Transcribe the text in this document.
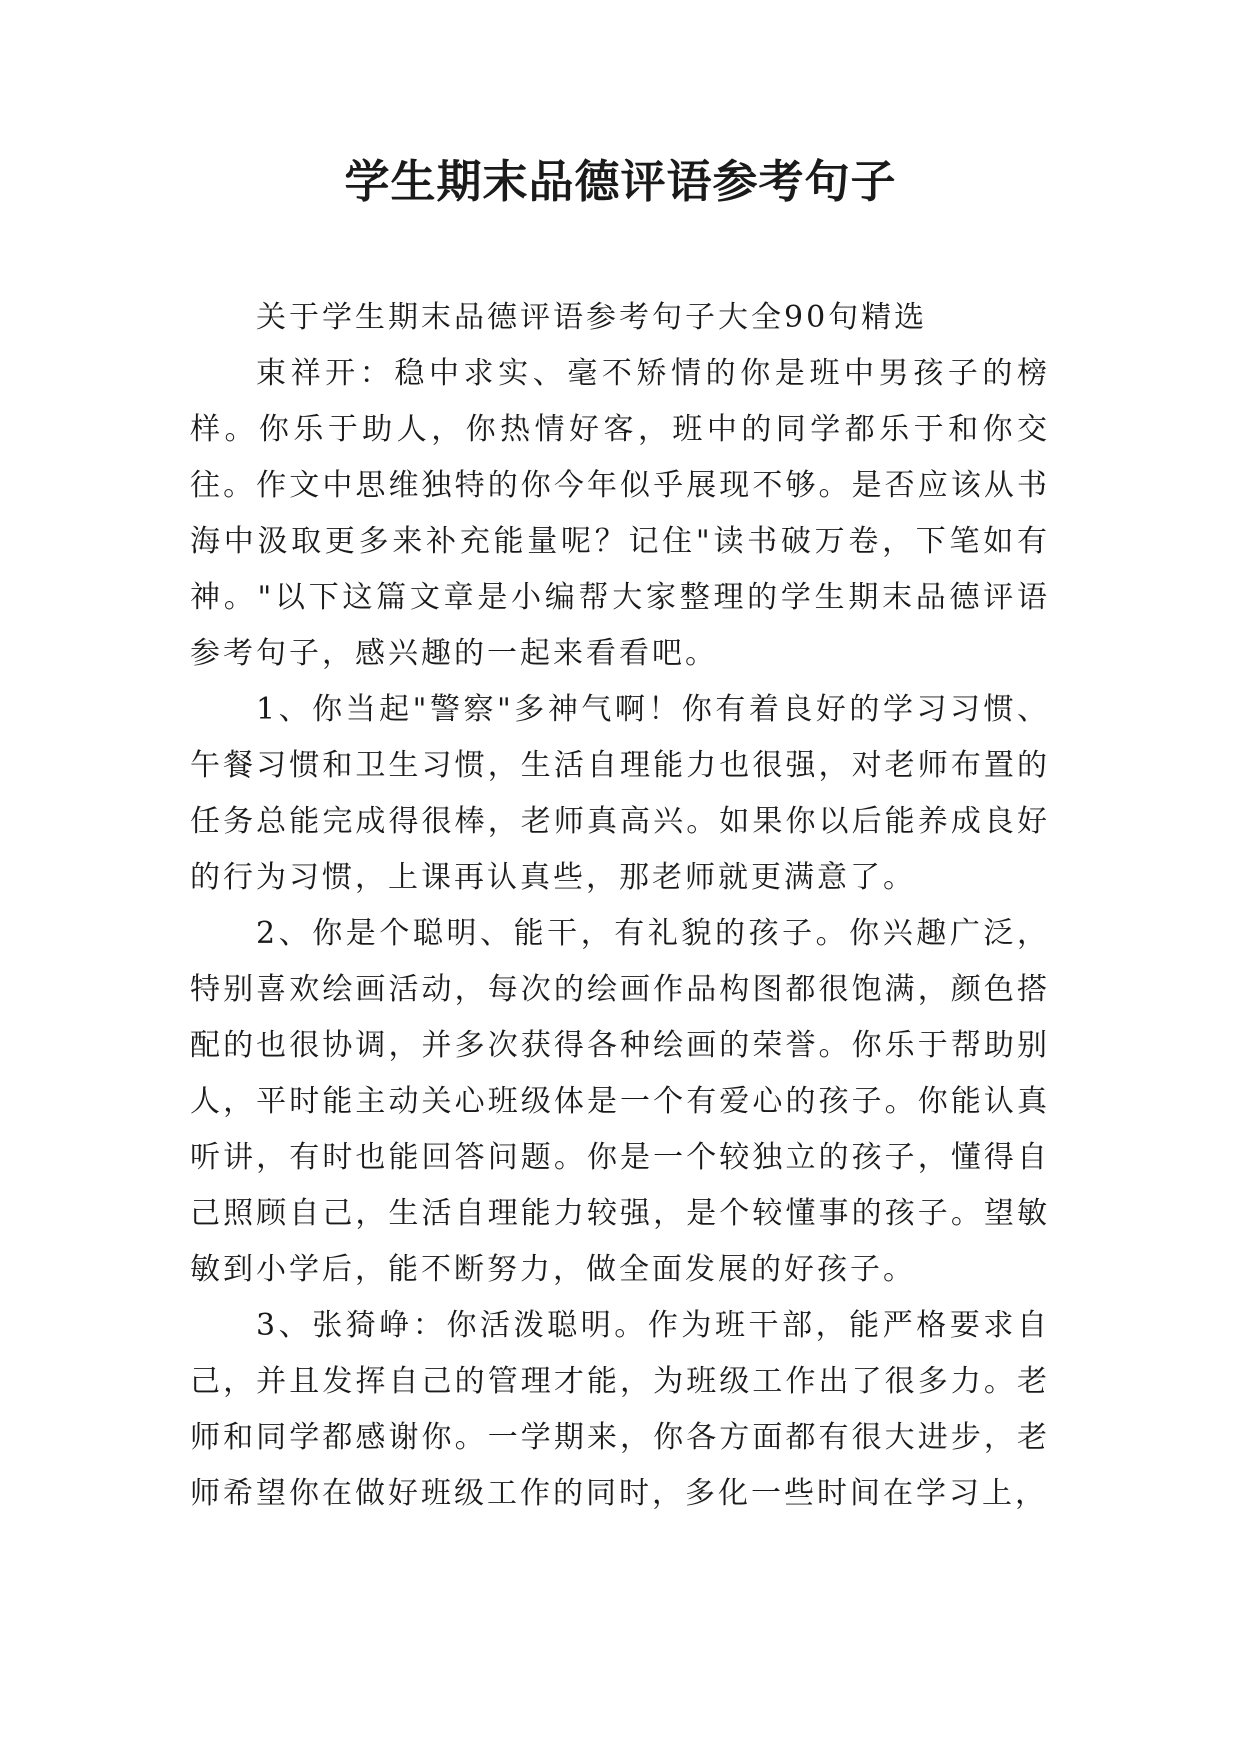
学生期末品德评语参考句子

关于学生期末品德评语参考句子大全90句精选

束祥开：稳中求实、毫不矫情的你是班中男孩子的榜样。你乐于助人，你热情好客，班中的同学都乐于和你交往。作文中思维独特的你今年似乎展现不够。是否应该从书海中汲取更多来补充能量呢？记住"读书破万卷，下笔如有神。"以下这篇文章是小编帮大家整理的学生期末品德评语参考句子，感兴趣的一起来看看吧。

1、你当起"警察"多神气啊！你有着良好的学习习惯、午餐习惯和卫生习惯，生活自理能力也很强，对老师布置的任务总能完成得很棒，老师真高兴。如果你以后能养成良好的行为习惯，上课再认真些，那老师就更满意了。

2、你是个聪明、能干，有礼貌的孩子。你兴趣广泛，特别喜欢绘画活动，每次的绘画作品构图都很饱满，颜色搭配的也很协调，并多次获得各种绘画的荣誉。你乐于帮助别人，平时能主动关心班级体是一个有爱心的孩子。你能认真听讲，有时也能回答问题。你是一个较独立的孩子，懂得自己照顾自己，生活自理能力较强，是个较懂事的孩子。望敏敏到小学后，能不断努力，做全面发展的好孩子。

3、张猗峥：你活泼聪明。作为班干部，能严格要求自己，并且发挥自己的管理才能，为班级工作出了很多力。老师和同学都感谢你。一学期来，你各方面都有很大进步，老师希望你在做好班级工作的同时，多化一些时间在学习上，
